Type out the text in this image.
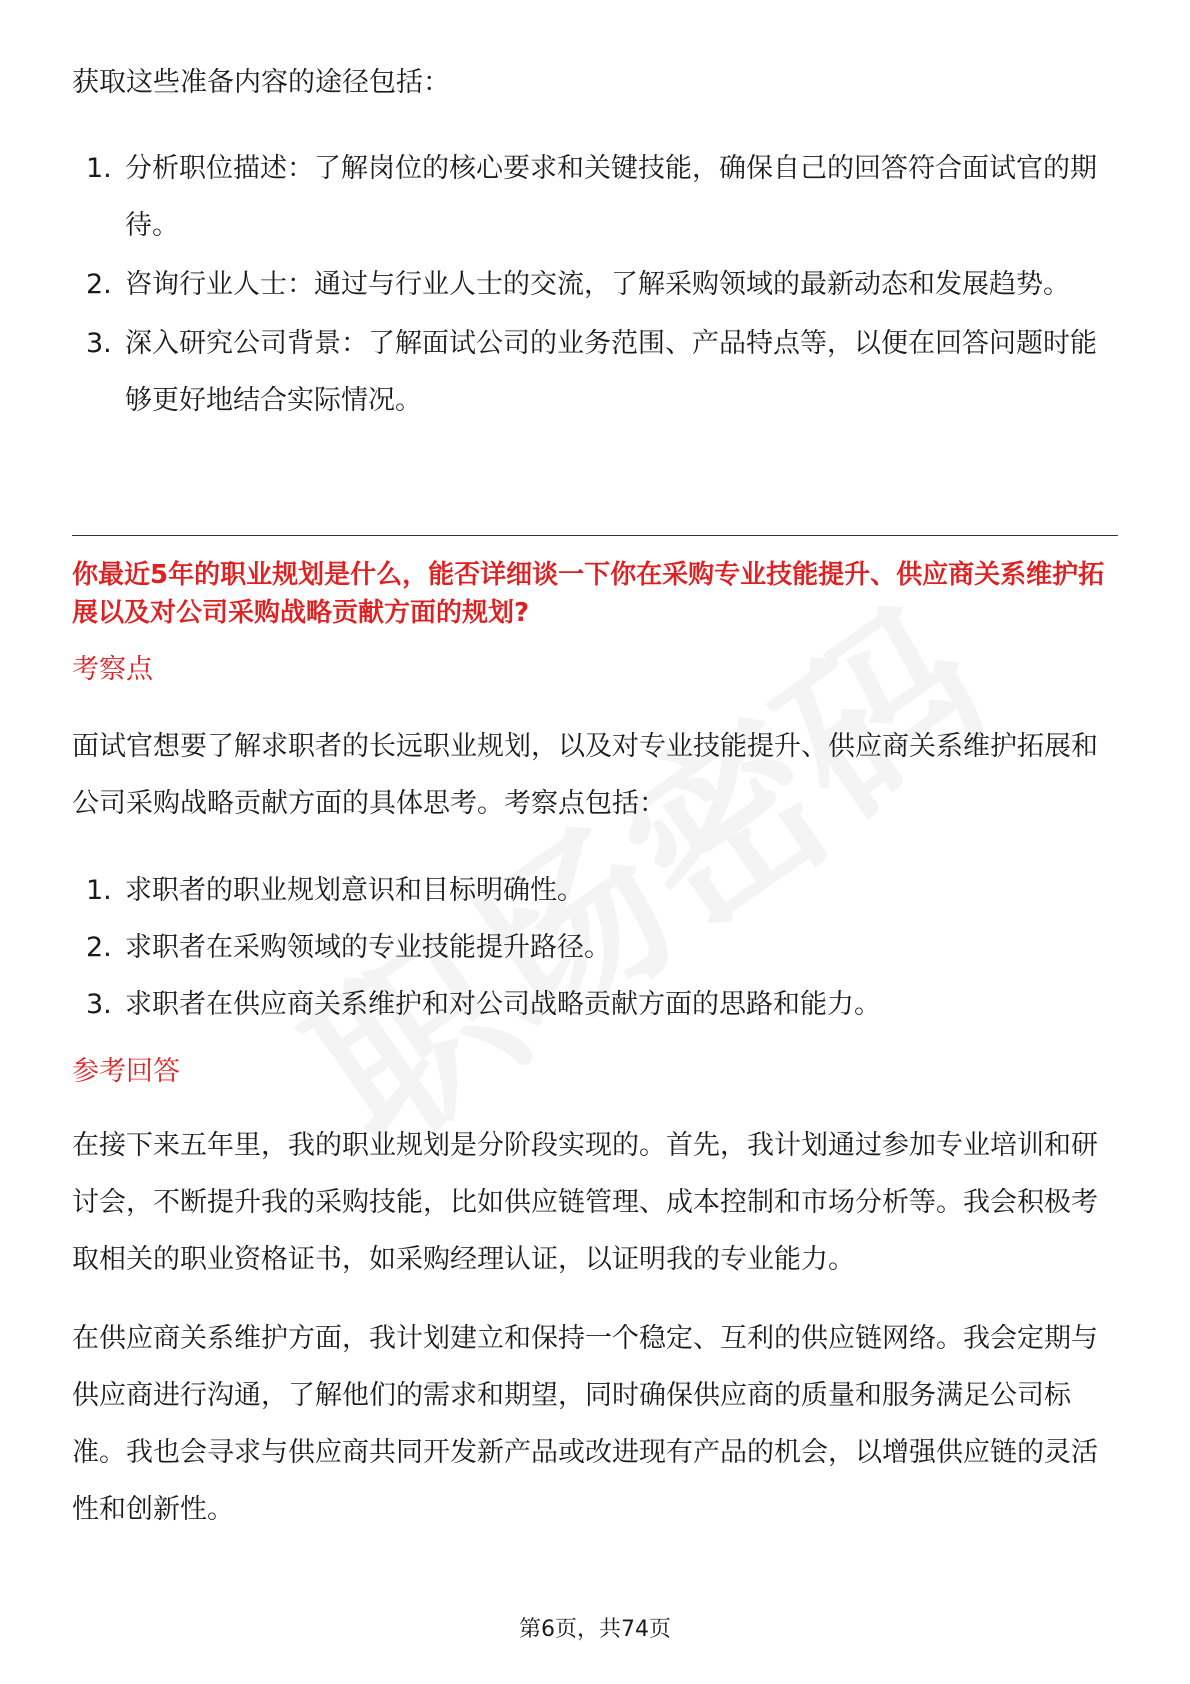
获取这些准备内容的途径包括：

1. 分析职位描述：了解岗位的核心要求和关键技能，确保自己的回答符合面试官的期待。
2. 咨询行业人士：通过与行业人士的交流，了解采购领域的最新动态和发展趋势。
3. 深入研究公司背景：了解面试公司的业务范围、产品特点等，以便在回答问题时能够更好地结合实际情况。

你最近5年的职业规划是什么，能否详细谈一下你在采购专业技能提升、供应商关系维护拓展以及对公司采购战略贡献方面的规划?

考察点

面试官想要了解求职者的长远职业规划，以及对专业技能提升、供应商关系维护拓展和公司采购战略贡献方面的具体思考。考察点包括：

1. 求职者的职业规划意识和目标明确性。
2. 求职者在采购领域的专业技能提升路径。
3. 求职者在供应商关系维护和对公司战略贡献方面的思路和能力。
参考回答

在接下来五年里，我的职业规划是分阶段实现的。首先，我计划通过参加专业培训和研讨会，不断提升我的采购技能，比如供应链管理、成本控制和市场分析等。我会积极考取相关的职业资格证书，如采购经理认证，以证明我的专业能力。

在供应商关系维护方面，我计划建立和保持一个稳定、互利的供应链网络。我会定期与供应商进行沟通，了解他们的需求和期望，同时确保供应商的质量和服务满足公司标准。我也会寻求与供应商共同开发新产品或改进现有产品的机会，以增强供应链的灵活性和创新性。

第6页，共74页
